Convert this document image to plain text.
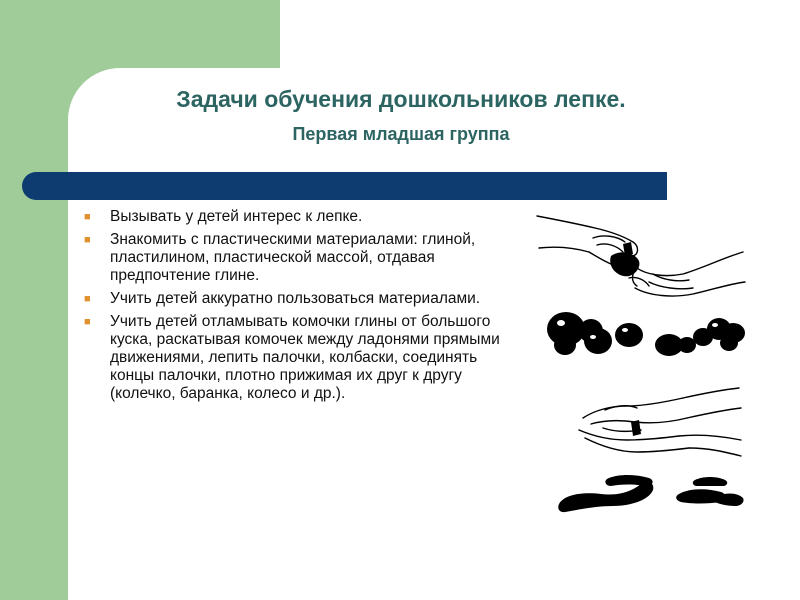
Задачи обучения дошкольников лепке.
Первая младшая группа
■ Вызывать у детей интерес к лепке.
■ Знакомить с пластическими материалами: глиной, пластилином, пластической массой, отдавая предпочтение глине.
■ Учить детей аккуратно пользоваться материалами.
■ Учить детей отламывать комочки глины от большого куска, раскатывая комочек между ладонями прямыми движениями, лепить палочки, колбаски, соединять концы палочки, плотно прижимая их друг к другу (колечко, баранка, колесо и др.).
